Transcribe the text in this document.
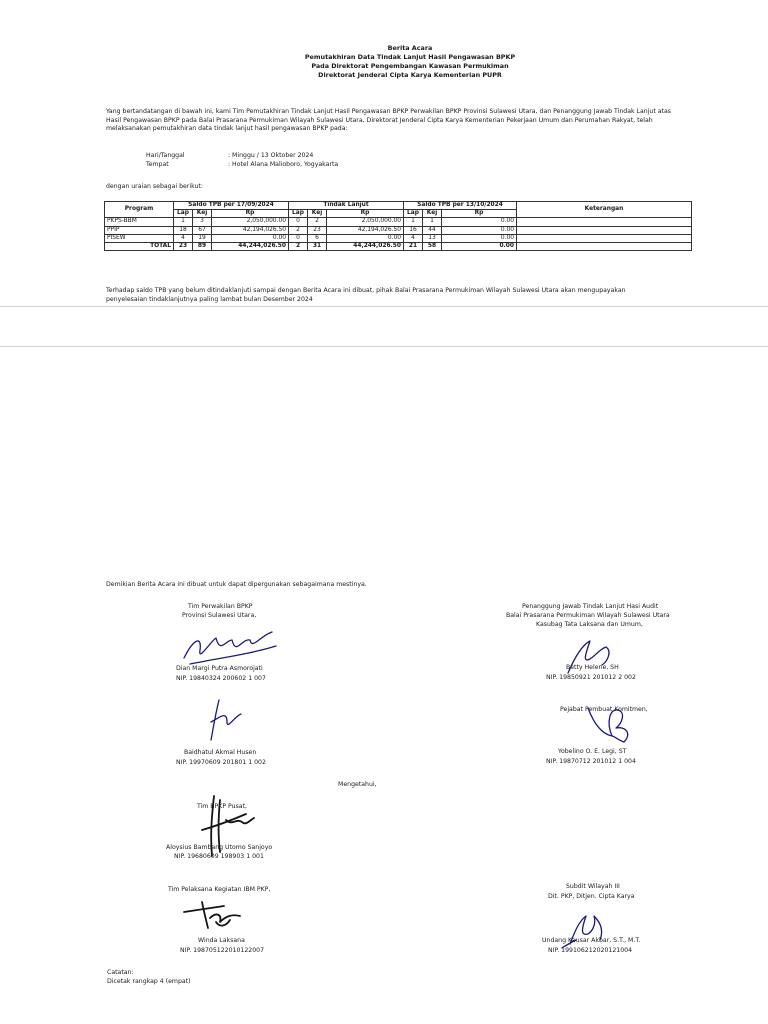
Berita Acara
Pemutakhiran Data Tindak Lanjut Hasil Pengawasan BPKP
Pada Direktorat Pengembangan Kawasan Permukiman
Direktorat Jenderal Cipta Karya Kementerian PUPR
Yang bertandatangan di bawah ini, kami Tim Pemutakhiran Tindak Lanjut Hasil Pengawasan BPKP Perwakilan BPKP Provinsi Sulawesi Utara, dan Penanggung Jawab Tindak Lanjut atas
Hasil Pengawasan BPKP pada Balai Prasarana Permukiman Wilayah Sulawesi Utara, Direktorat Jenderal Cipta Karya Kementerian Pekerjaan Umum dan Perumahan Rakyat, telah
melaksanakan pemutakhiran data tindak lanjut hasil pengawasan BPKP pada:
Hari/Tanggal	: Minggu / 13 Oktober 2024
Tempat	: Hotel Alana Malioboro, Yogyakarta
dengan uraian sebagai berikut:
Program	Saldo TPB per 17/09/2024			Tindak Lanjut			Saldo TPB per 13/10/2024			Keterangan
	Lap	Kej	Rp	Lap	Kej	Rp	Lap	Kej	Rp	
PKPS-BBM	1	3	2,050,000.00	0	2	2,050,000.00	1	1	0.00	
PPIP	18	67	42,194,026.50	2	23	42,194,026.50	16	44	0.00	
PISEW	4	19	0.00	0	6	0.00	4	13	0.00	
TOTAL	23	89	44,244,026.50	2	31	44,244,026.50	21	58	0.00	
Terhadap saldo TPB yang belum ditindaklanjuti sampai dengan Berita Acara ini dibuat, pihak Balai Prasarana Permukiman Wilayah Sulawesi Utara akan mengupayakan
penyelesaian tindaklanjutnya paling lambat bulan Desember 2024
Demikian Berita Acara ini dibuat untuk dapat dipergunakan sebagaimana mestinya.
Tim Perwakilan BPKP
Provinsi Sulawesi Utara,
Dian Margi Putra Asmorojati
NIP. 19840324 200602 1 007
Baidhatul Akmal Husen
NIP. 19970609 201801 1 002
Penanggung Jawab Tindak Lanjut Hasi Audit
Balai Prasarana Permukiman Wilayah Sulawesi Utara
Kasubag Tata Laksana dan Umum,
Betty Helene, SH
NIP. 19850921 201012 2 002
Pejabat Pembuat Komitmen,
Yobelino O. E. Legi, ST
NIP. 19870712 201012 1 004
Mengetahui,
Tim BPKP Pusat,
Aloysius Bambang Utomo Sanjoyo
NIP. 19680609 198903 1 001
Tim Pelaksana Kegiatan IBM PKP,
Winda Laksana
NIP. 198705122010122007
Subdit Wilayah III
Dit. PKP, Ditjen. Cipta Karya
Undang Kausar Akbar, S.T., M.T.
NIP. 199106212020121004
Catatan:
Dicetak rangkap 4 (empat)
